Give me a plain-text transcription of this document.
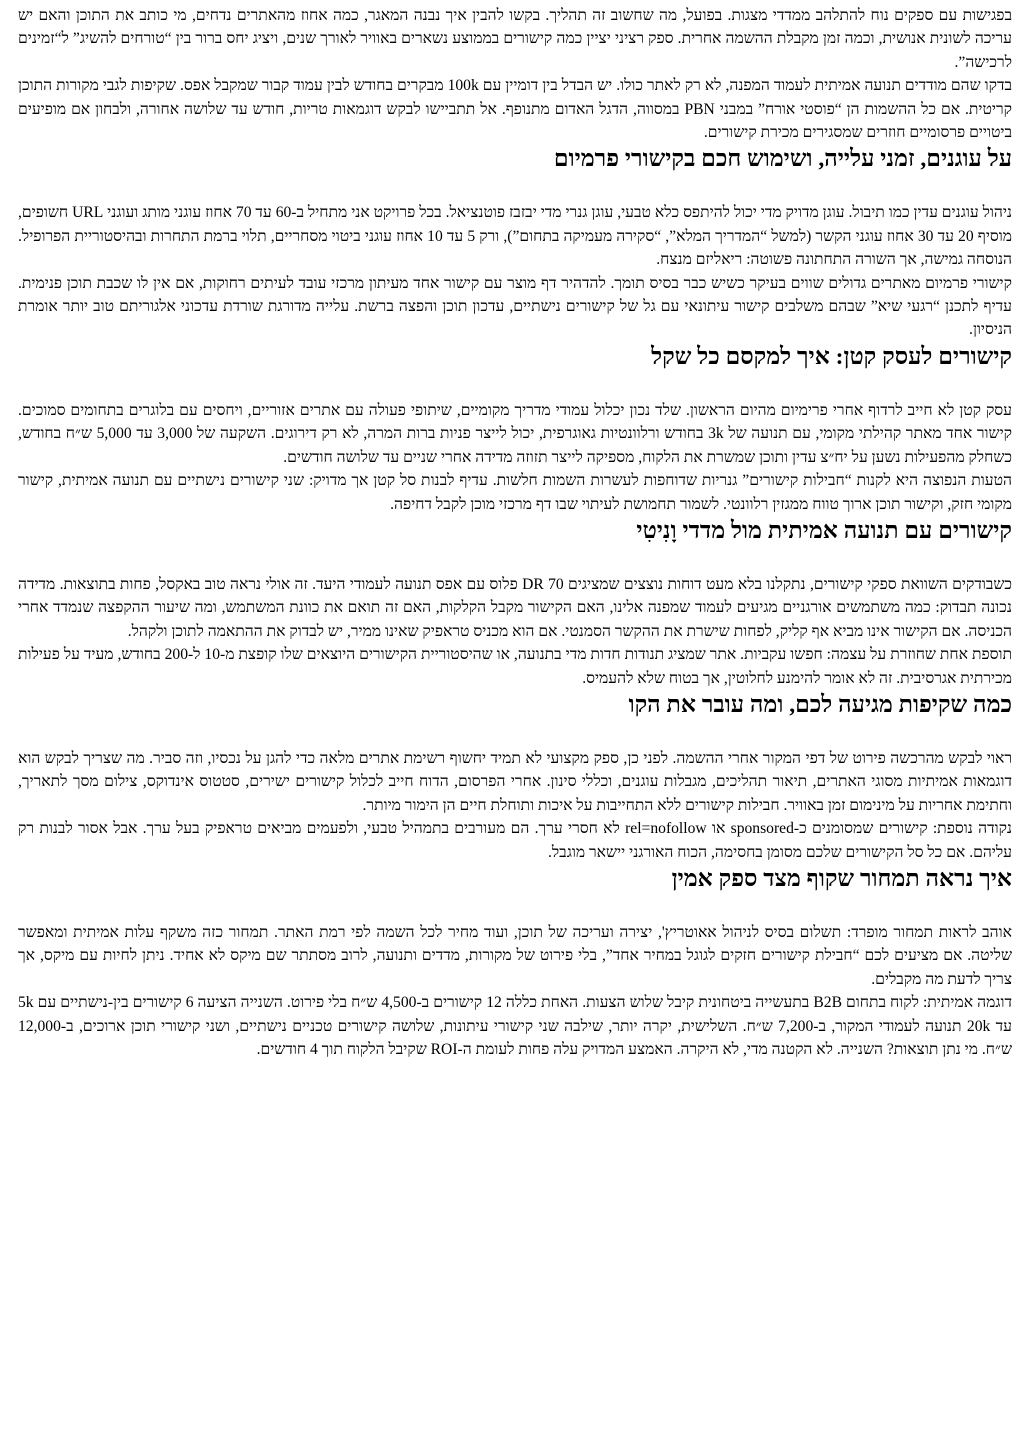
בפגישות עם ספקים נוח להתלהב ממדדי מצגות. בפועל, מה שחשוב זה תהליך. בקשו להבין איך נבנה המאגר, כמה אחוז מהאתרים נדחים, מי כותב את התוכן והאם יש עריכה לשונית אנושית, וכמה זמן מקבלת ההשמה אחרית. ספק רציני יציין כמה קישורים בממוצע נשארים באוויר לאורך שנים, ויציג יחס ברור בין “טורחים להשיג” ל“זמינים לרכישה”.

בדקו שהם מודדים תנועה אמיתית לעמוד המפנה, לא רק לאתר כולו. יש הבדל בין דומיין עם 100k מבקרים בחודש לבין עמוד קבור שמקבל אפס. שקיפות לגבי מקורות התוכן קריטית. אם כל ההשמות הן “פוסטי אורח” במבני PBN במסווה, הדגל האדום מתנופף. אל תתביישו לבקש דוגמאות טריות, חודש עד שלושה אחורה, ולבחון אם מופיעים ביטויים פרסומיים חוזרים שמסגירים מכירת קישורים.

על עוגנים, זמני עלייה, ושימוש חכם בקישורי פרמיום

ניהול עוגנים עדין כמו תיבול. עוגן מדויק מדי יכול להיתפס כלא טבעי, עוגן גנרי מדי יבזבז פוטנציאל. בכל פרויקט אני מתחיל ב-60 עד 70 אחוז עוגני מותג ועוגני URL חשופים, מוסיף 20 עד 30 אחוז עוגני הקשר (למשל “המדריך המלא”, “סקירה מעמיקה בתחום”), ורק 5 עד 10 אחוז עוגני ביטוי מסחריים, תלוי ברמת התחרות ובהיסטוריית הפרופיל. הנוסחה גמישה, אך השורה התחתונה פשוטה: ריאליזם מנצח.

קישורי פרמיום מאתרים גדולים שווים בעיקר כשיש כבר בסיס תומך. להדהיר דף מוצר עם קישור אחד מעיתון מרכזי עובד לעיתים רחוקות, אם אין לו שכבת תוכן פנימית. עדיף לתכנן “רגעי שיא” שבהם משלבים קישור עיתונאי עם גל של קישורים נישתיים, עדכון תוכן והפצה ברשת. עלייה מדורגת שורדת עדכוני אלגוריתם טוב יותר אומרת הניסיון.

קישורים לעסק קטן: איך למקסם כל שקל

עסק קטן לא חייב לרדוף אחרי פרימיום מהיום הראשון. שלד נכון יכלול עמודי מדריך מקומיים, שיתופי פעולה עם אתרים אזוריים, ויחסים עם בלוגרים בתחומים סמוכים. קישור אחד מאתר קהילתי מקומי, עם תנועה של 3k בחודש ורלוונטיות גאוגרפית, יכול לייצר פניות ברות המרה, לא רק דירוגים. השקעה של 3,000 עד 5,000 ש״ח בחודש, כשחלק מהפעילות נשען על יח״צ עדין ותוכן שמשרת את הלקוח, מספיקה לייצר תזוזה מדידה אחרי שניים עד שלושה חודשים.

הטעות הנפוצה היא לקנות “חבילות קישורים” גנריות שדוחפות לעשרות השמות חלשות. עדיף לבנות סל קטן אך מדויק: שני קישורים נישתיים עם תנועה אמיתית, קישור מקומי חזק, וקישור תוכן ארוך טווח ממגזין רלוונטי. לשמור תחמושת לעיתוי שבו דף מרכזי מוכן לקבל דחיפה.

קישורים עם תנועה אמיתית מול מדדי וָנִיטִי

כשבודקים השוואת ספקי קישורים, נתקלנו בלא מעט דוחות נוצצים שמציגים DR 70 פלוס עם אפס תנועה לעמודי היעד. זה אולי נראה טוב באקסל, פחות בתוצאות. מדידה נכונה תבדוק: כמה משתמשים אורגניים מגיעים לעמוד שמפנה אלינו, האם הקישור מקבל הקלקות, האם זה תואם את כוונת המשתמש, ומה שיעור ההקפצה שנמדד אחרי הכניסה. אם הקישור אינו מביא אף קליק, לפחות שישרת את ההקשר הסמנטי. אם הוא מכניס טראפיק שאינו ממיר, יש לבדוק את ההתאמה לתוכן ולקהל.

תוספת אחת שחוזרת על עצמה: חפשו עקביות. אתר שמציג תנודות חדות מדי בתנועה, או שהיסטוריית הקישורים היוצאים שלו קופצת מ-10 ל-200 בחודש, מעיד על פעילות מכירתית אגרסיבית. זה לא אומר להימנע לחלוטין, אך בטוח שלא להעמיס.

כמה שקיפות מגיעה לכם, ומה עובר את הקו

ראוי לבקש מהרכשה פירוט של דפי המקור אחרי ההשמה. לפני כן, ספק מקצועי לא תמיד יחשוף רשימת אתרים מלאה כדי להגן על נכסיו, וזה סביר. מה שצריך לבקש הוא דוגמאות אמיתיות מסוגי האתרים, תיאור תהליכים, מגבלות עוגנים, וכללי סינון. אחרי הפרסום, הדוח חייב לכלול קישורים ישירים, סטטוס אינדוקס, צילום מסך לתאריך, וחתימת אחריות על מינימום זמן באוויר. חבילות קישורים ללא התחייבות על איכות ותוחלת חיים הן הימור מיותר.

נקודה נוספת: קישורים שמסומנים כ-sponsored או rel=nofollow לא חסרי ערך. הם מעורבים בתמהיל טבעי, ולפעמים מביאים טראפיק בעל ערך. אבל אסור לבנות רק עליהם. אם כל סל הקישורים שלכם מסומן בחסימה, הכוח האורגני יישאר מוגבל.

איך נראה תמחור שקוף מצד ספק אמין

אוהב לראות תמחור מופרד: תשלום בסיס לניהול אאוטריץ', יצירה ועריכה של תוכן, ועוד מחיר לכל השמה לפי רמת האתר. תמחור כזה משקף עלות אמיתית ומאפשר שליטה. אם מציעים לכם “חבילת קישורים חזקים לגוגל במחיר אחד”, בלי פירוט של מקורות, מדדים ותנועה, לרוב מסתתר שם מיקס לא אחיד. ניתן לחיות עם מיקס, אך צריך לדעת מה מקבלים.

דוגמה אמיתית: לקוח בתחום B2B בתעשייה ביטחונית קיבל שלוש הצעות. האחת כללה 12 קישורים ב-4,500 ש״ח בלי פירוט. השנייה הציעה 6 קישורים בין-נישתיים עם 5k עד 20k תנועה לעמודי המקור, ב-7,200 ש״ח. השלישית, יקרה יותר, שילבה שני קישורי עיתונות, שלושה קישורים טכניים נישתיים, ושני קישורי תוכן ארוכים, ב-12,000 ש״ח. מי נתן תוצאות? השנייה. לא הקטנה מדי, לא היקרה. האמצע המדויק עלה פחות לעומת ה-ROI שקיבל הלקוח תוך 4 חודשים.
